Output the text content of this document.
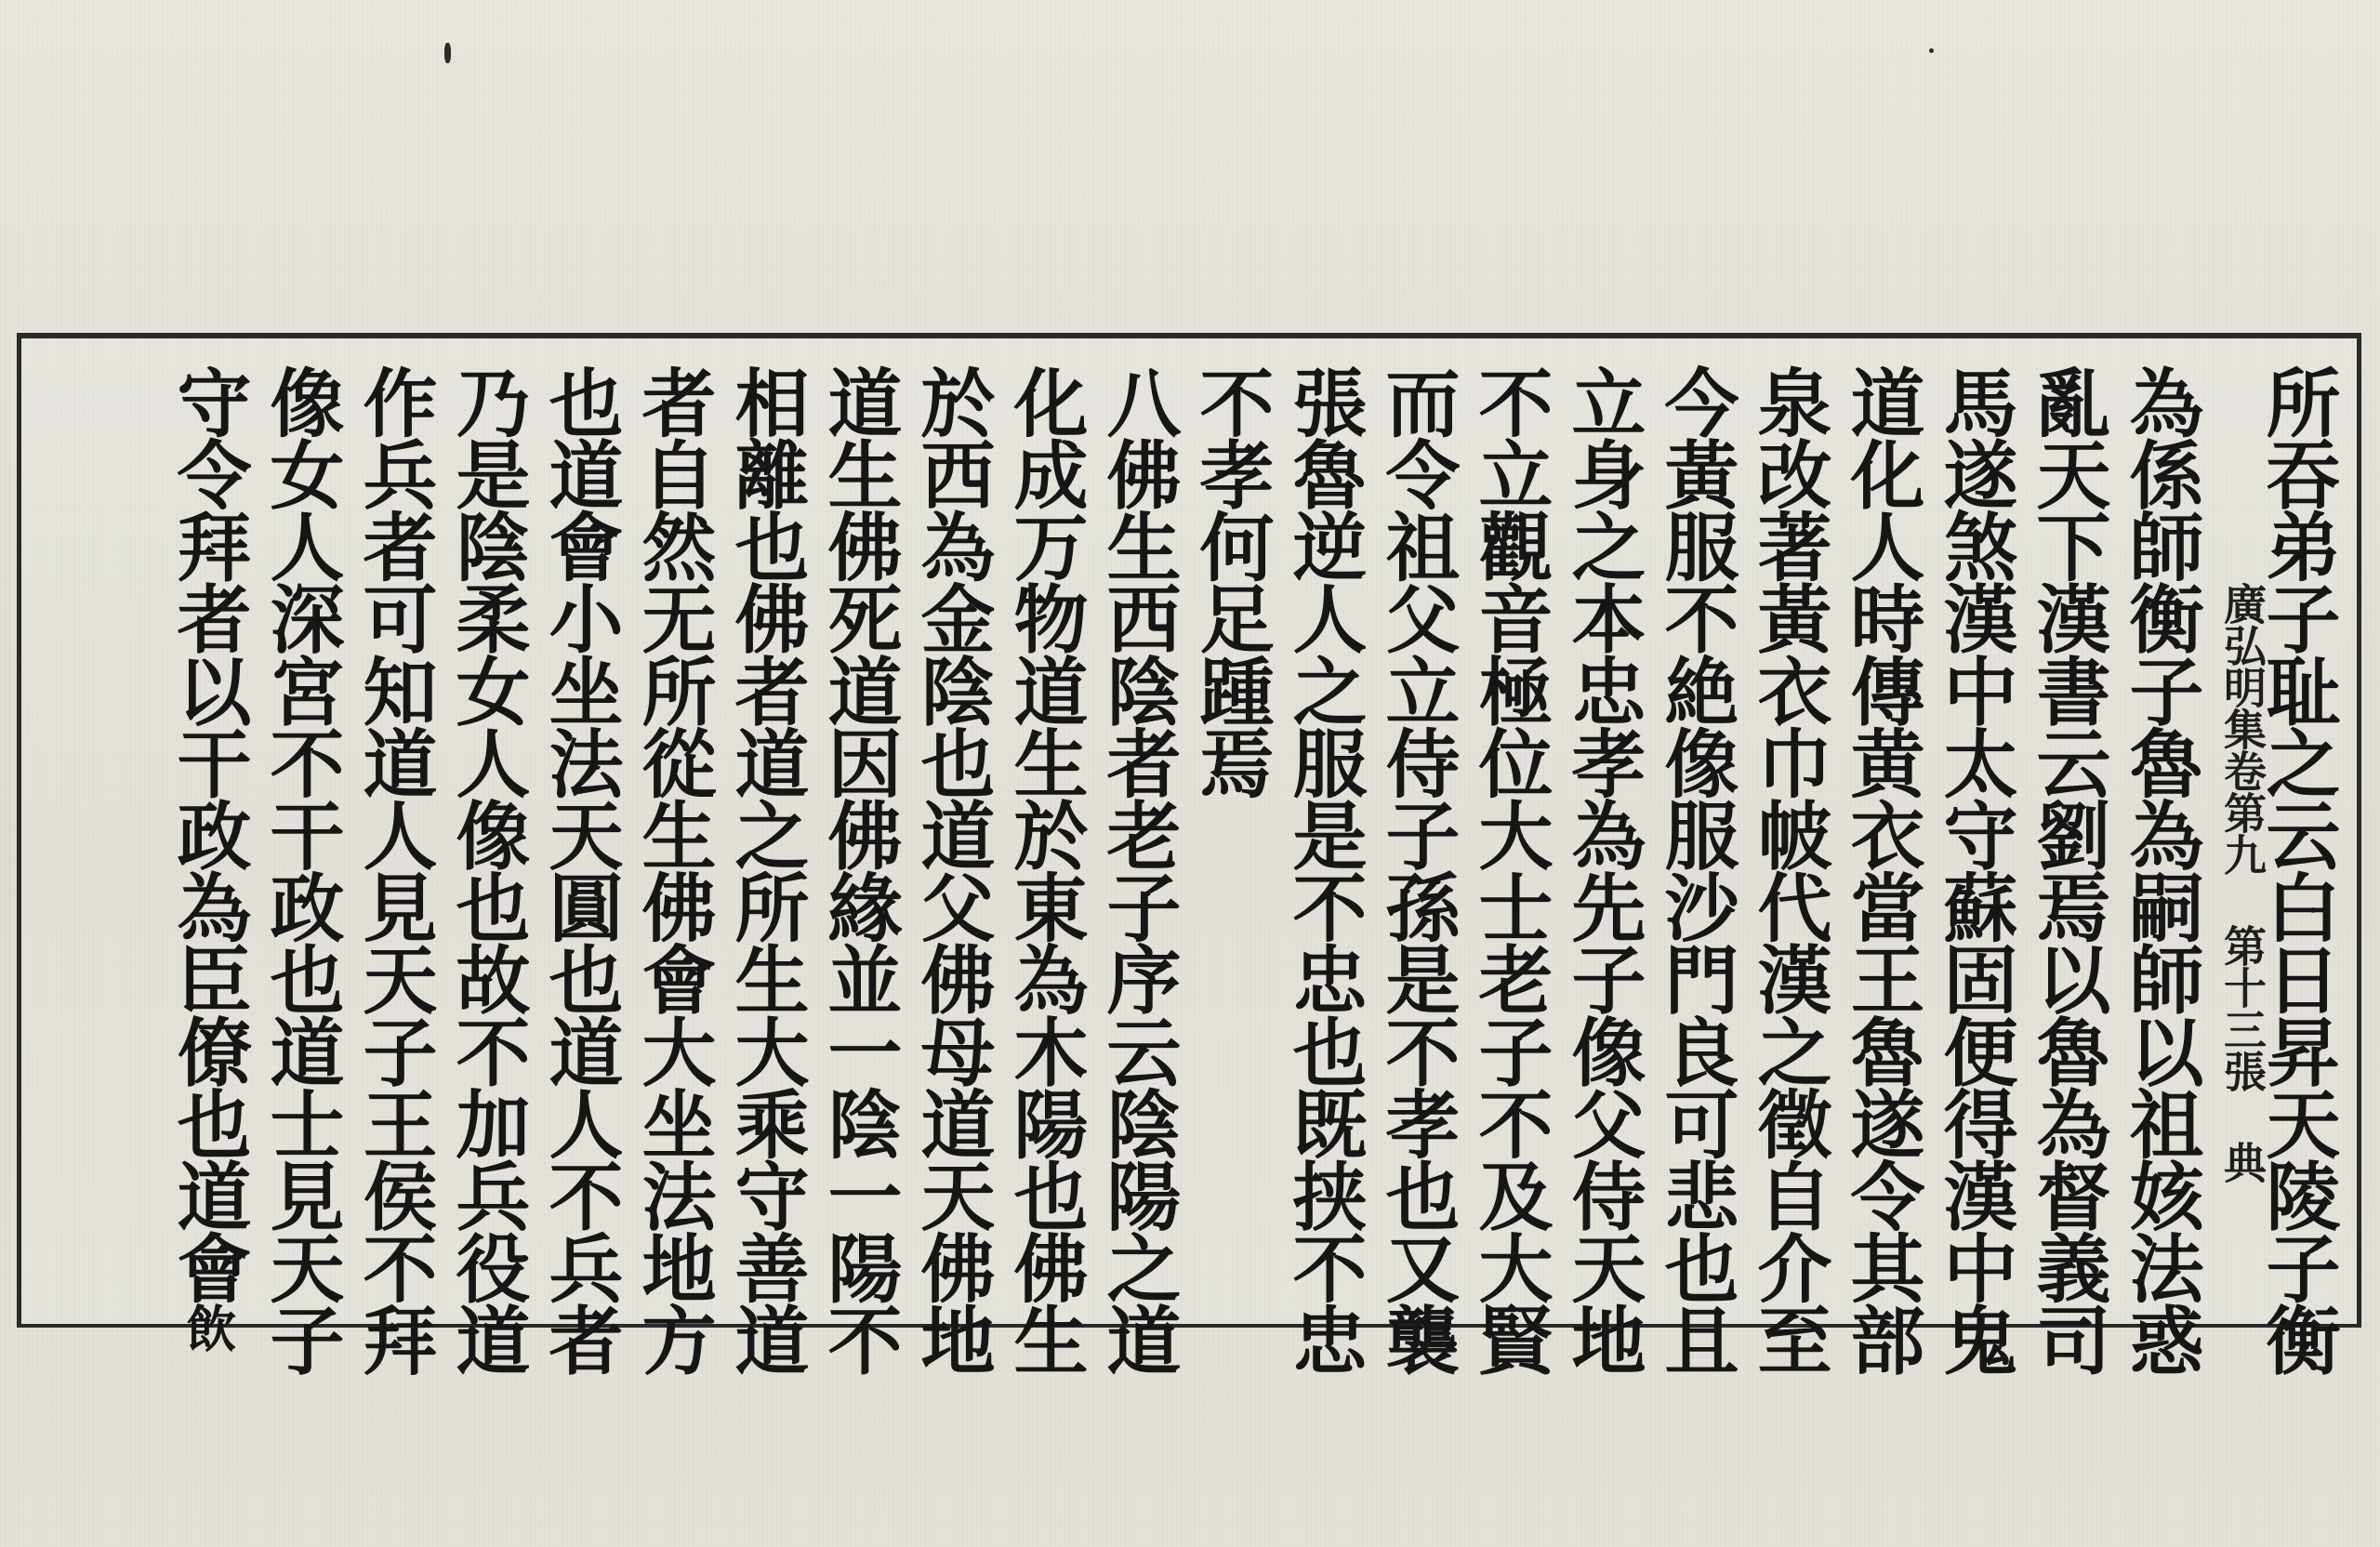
所吞弟子耻之云白日昇天陵子衡

廣弘明集卷第九 第十三張 典

為係師衡子魯為嗣師以祖姟法惑

亂天下漢書云劉焉以魯為督義司

馬遂煞漢中太守蘇固便得漢中鬼

道化人時傳黄衣當王魯遂令其部

泉改著黃衣巾帔代漢之徵自介至

今黃服不絶像服沙門良可悲也且

立身之本忠孝為先子像父侍天地

不立觀音極位大士老子不及大賢

而令祖父立侍子孫是不孝也又襲

張魯逆人之服是不忠也既挟不忠

不孝何足踵焉

八佛生西陰者老子序云陰陽之道

化成万物道生於東為木陽也佛生

於西為金陰也道父佛母道天佛地

道生佛死道因佛緣並一陰一陽不

相離也佛者道之所生大乘守善道

者自然无所從生佛會大坐法地方

也道會小坐法天圓也道人不兵者

乃是陰柔女人像也故不加兵役道

作兵者可知道人見天子王侯不拜

像女人深宮不干政也道士見天子

守令拜者以干政為臣僚也道會飲
